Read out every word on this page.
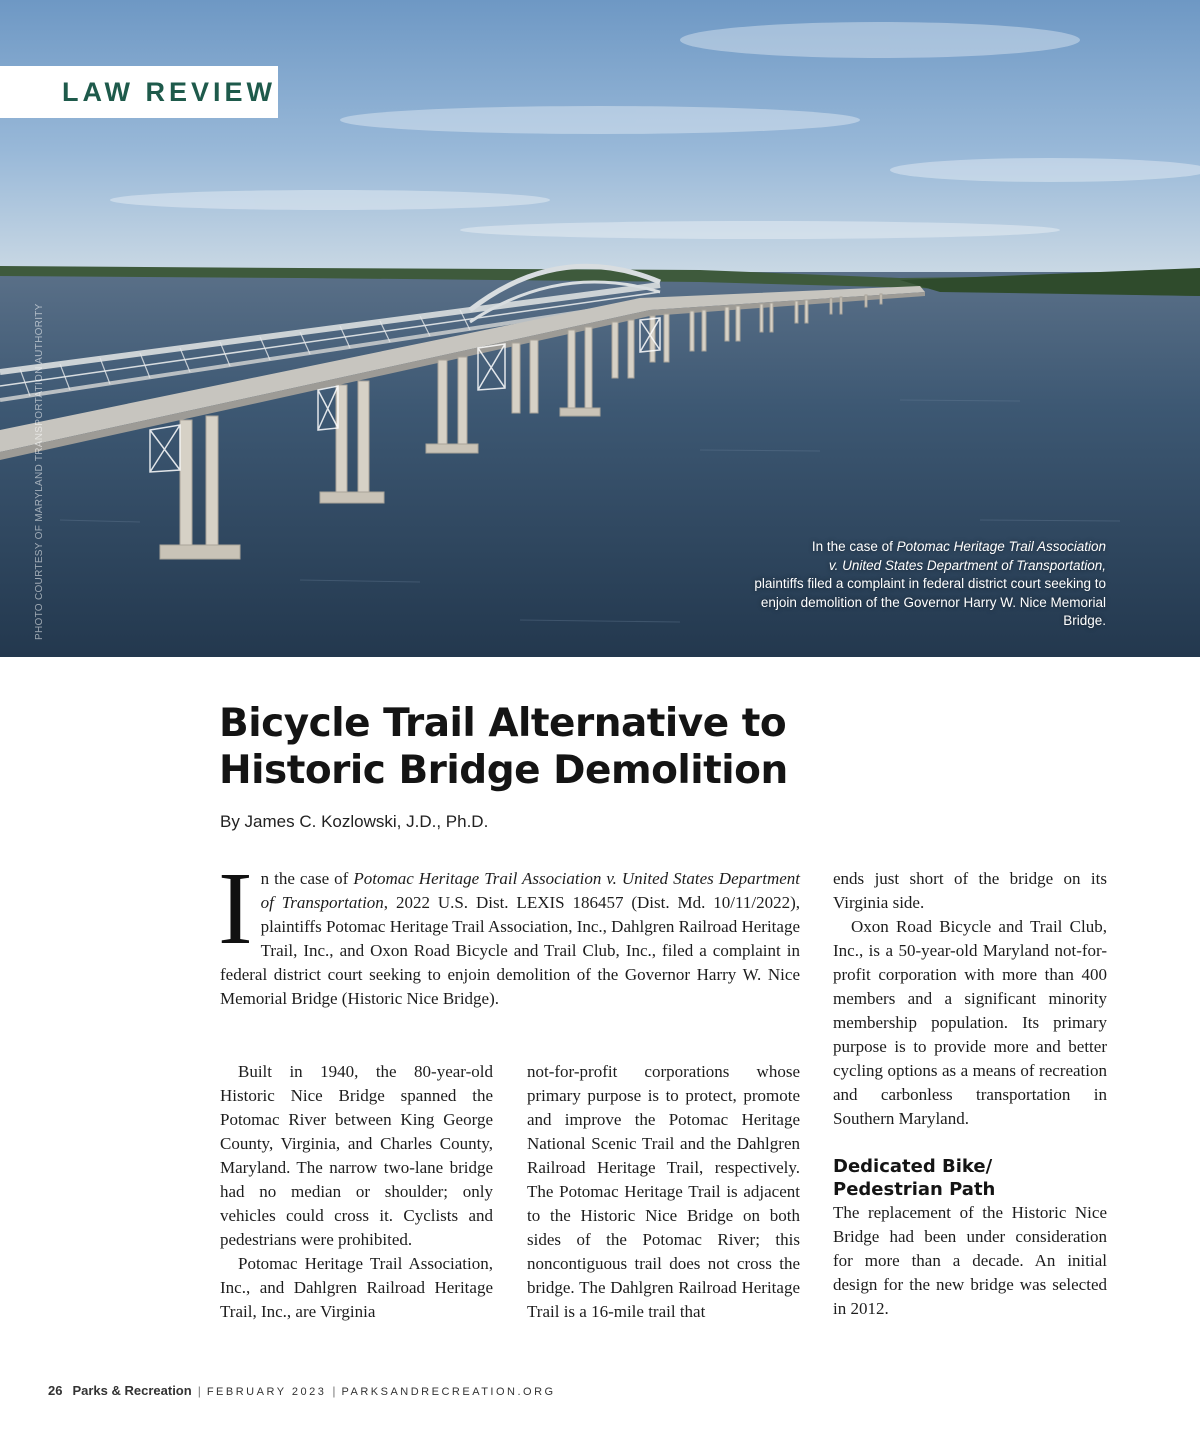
LAW REVIEW
PHOTO COURTESY OF MARYLAND TRANSPORTATION AUTHORITY	In the case of Potomac Heritage Trail Association
v. United States Department of Transportation,
plaintiffs filed a complaint in federal district court seeking to enjoin demolition of the Governor Harry W. Nice Memorial Bridge.

Bicycle Trail Alternative to
Historic Bridge Demolition
By James C. Kozlowski, J.D., Ph.D.

In the case of Potomac Heritage Trail Association v. United States Department of Transportation, 2022 U.S. Dist. LEXIS 186457 (Dist. Md. 10/11/2022), plaintiffs Potomac Heritage Trail Association, Inc., Dahlgren Railroad Heritage Trail, Inc., and Oxon Road Bicycle and Trail Club, Inc., filed a complaint in federal district court seeking to enjoin demolition of the Governor Harry W. Nice Memorial Bridge (Historic Nice Bridge).

Built in 1940, the 80-year-old Historic Nice Bridge spanned the Potomac River between King George County, Virginia, and Charles County, Maryland. The narrow two-lane bridge had no median or shoulder; only vehicles could cross it. Cyclists and pedestrians were prohibited.

Potomac Heritage Trail Association, Inc., and Dahlgren Railroad Heritage Trail, Inc., are Virginia

not-for-profit corporations whose primary purpose is to protect, promote and improve the Potomac Heritage National Scenic Trail and the Dahlgren Railroad Heritage Trail, respectively. The Potomac Heritage Trail is adjacent to the Historic Nice Bridge on both sides of the Potomac River; this noncontiguous trail does not cross the bridge. The Dahlgren Railroad Heritage Trail is a 16-mile trail that

ends just short of the bridge on its Virginia side.

Oxon Road Bicycle and Trail Club, Inc., is a 50-year-old Maryland not-for-profit corporation with more than 400 members and a significant minority membership population. Its primary purpose is to provide more and better cycling options as a means of recreation and carbonless transportation in Southern Maryland.

Dedicated Bike/
Pedestrian Path

The replacement of the Historic Nice Bridge had been under consideration for more than a decade. An initial design for the new bridge was selected in 2012.

26 Parks & Recreation | FEBRUARY 2023 | PARKSANDRECREATION.ORG
